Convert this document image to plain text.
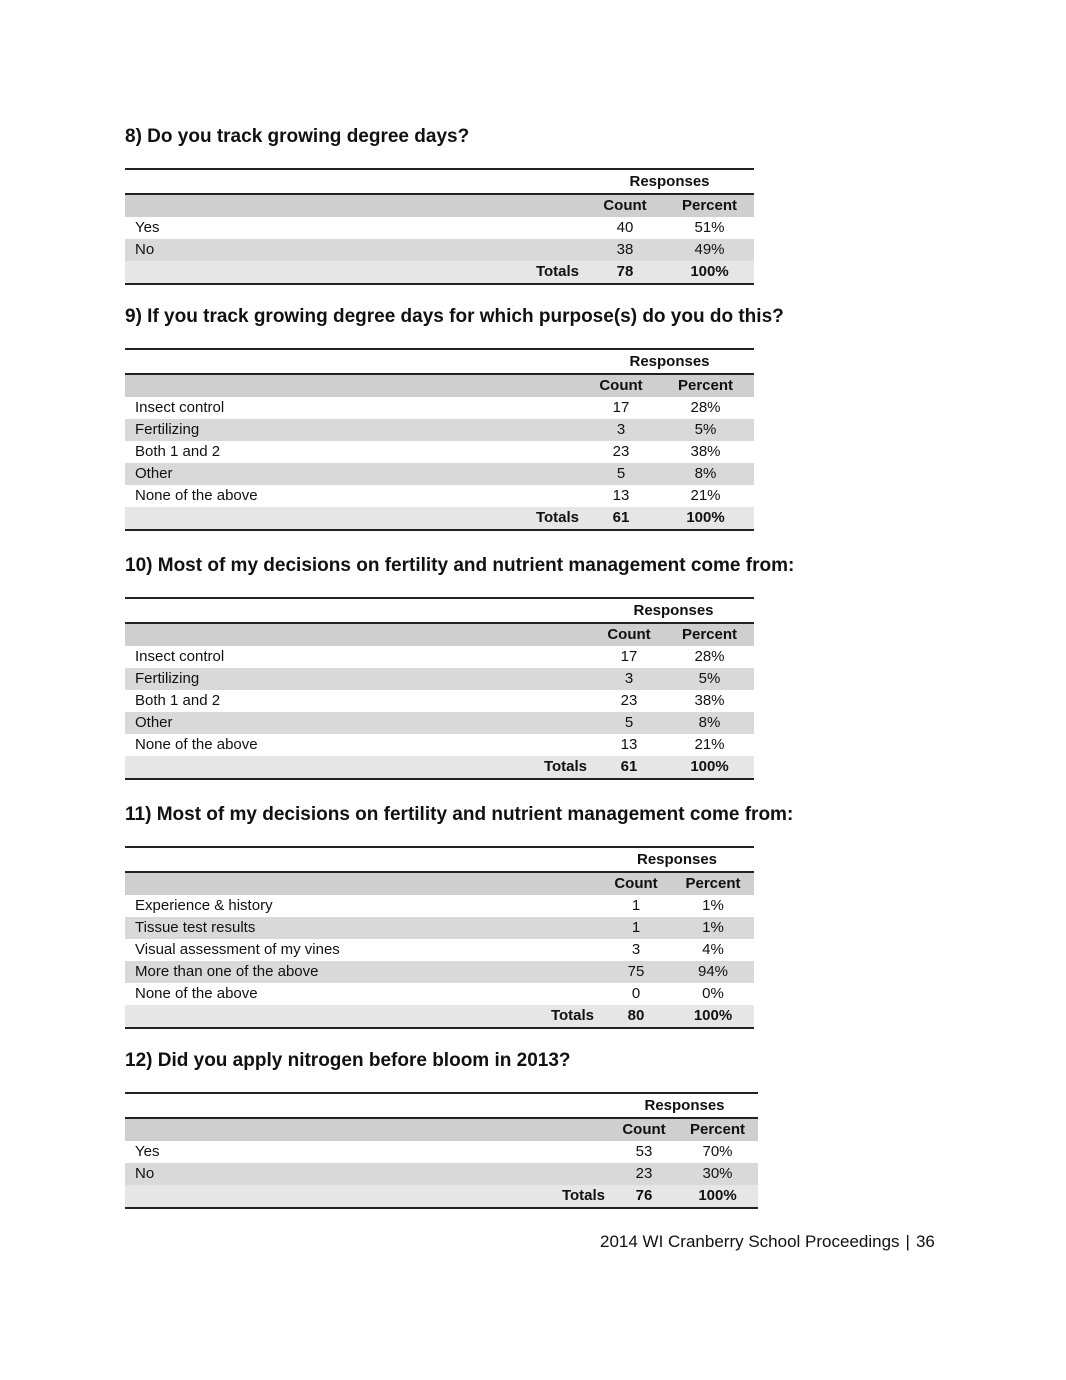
8) Do you track growing degree days?
	Responses	
	Count	Percent
Yes	40	51%
No	38	49%
Totals	78	100%
9) If you track growing degree days for which purpose(s) do you do this?
	Responses	
	Count	Percent
Insect control	17	28%
Fertilizing	3	5%
Both 1 and 2	23	38%
Other	5	8%
None of the above	13	21%
Totals	61	100%
10) Most of my decisions on fertility and nutrient management come from:
	Responses	
	Count	Percent
Insect control	17	28%
Fertilizing	3	5%
Both 1 and 2	23	38%
Other	5	8%
None of the above	13	21%
Totals	61	100%
11) Most of my decisions on fertility and nutrient management come from:
	Responses	
	Count	Percent
Experience & history	1	1%
Tissue test results	1	1%
Visual assessment of my vines	3	4%
More than one of the above	75	94%
None of the above	0	0%
Totals	80	100%
12) Did you apply nitrogen before bloom in 2013?
	Responses	
	Count	Percent
Yes	53	70%
No	23	30%
Totals	76	100%
2014 WI Cranberry School Proceedings | 36
